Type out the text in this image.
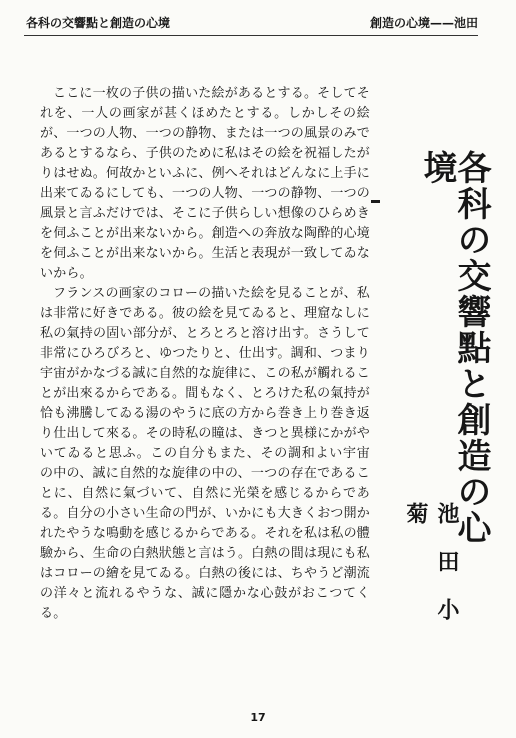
各科の交響點と創造の心境	創造の心境——池田
各科の交響點と創造の心境
池田小菊

ここに一枚の子供の描いた絵があるとする。そしてそれを、一人の画家が甚くほめたとする。しかしその絵が、一つの人物、一つの静物、または一つの風景のみであるとするなら、子供のために私はその絵を祝福したがりはせぬ。何故かといふに、例へそれはどんなに上手に出来てゐるにしても、一つの人物、一つの静物、一つの風景と言ふだけでは、そこに子供らしい想像のひらめきを伺ふことが出来ないから。創造への奔放な陶酔的心境を伺ふことが出来ないから。生活と表現が一致してゐないから。

フランスの画家のコローの描いた絵を見ることが、私は非常に好きである。彼の絵を見てゐると、理窟なしに私の氣持の固い部分が、とろとろと溶け出す。さうして非常にひろびろと、ゆつたりと、仕出す。調和、つまり宇宙がかなづる誠に自然的な旋律に、この私が觸れることが出來るからである。間もなく、とろけた私の氣持が恰も沸騰してゐる湯のやうに底の方から巻き上り巻き返り仕出して來る。その時私の瞳は、きつと異様にかがやいてゐると思ふ。この自分もまた、その調和よい宇宙の中の、誠に自然的な旋律の中の、一つの存在であることに、自然に氣づいて、自然に光榮を感じるからである。自分の小さい生命の門が、いかにも大きくおつ開かれたやうな鳴動を感じるからである。それを私は私の體驗から、生命の白熱狀態と言はう。白熱の間は現にも私はコローの繪を見てゐる。白熱の後には、ちやうど潮流の洋々と流れるやうな、誠に隱かな心鼓がおこつてくる。

17
